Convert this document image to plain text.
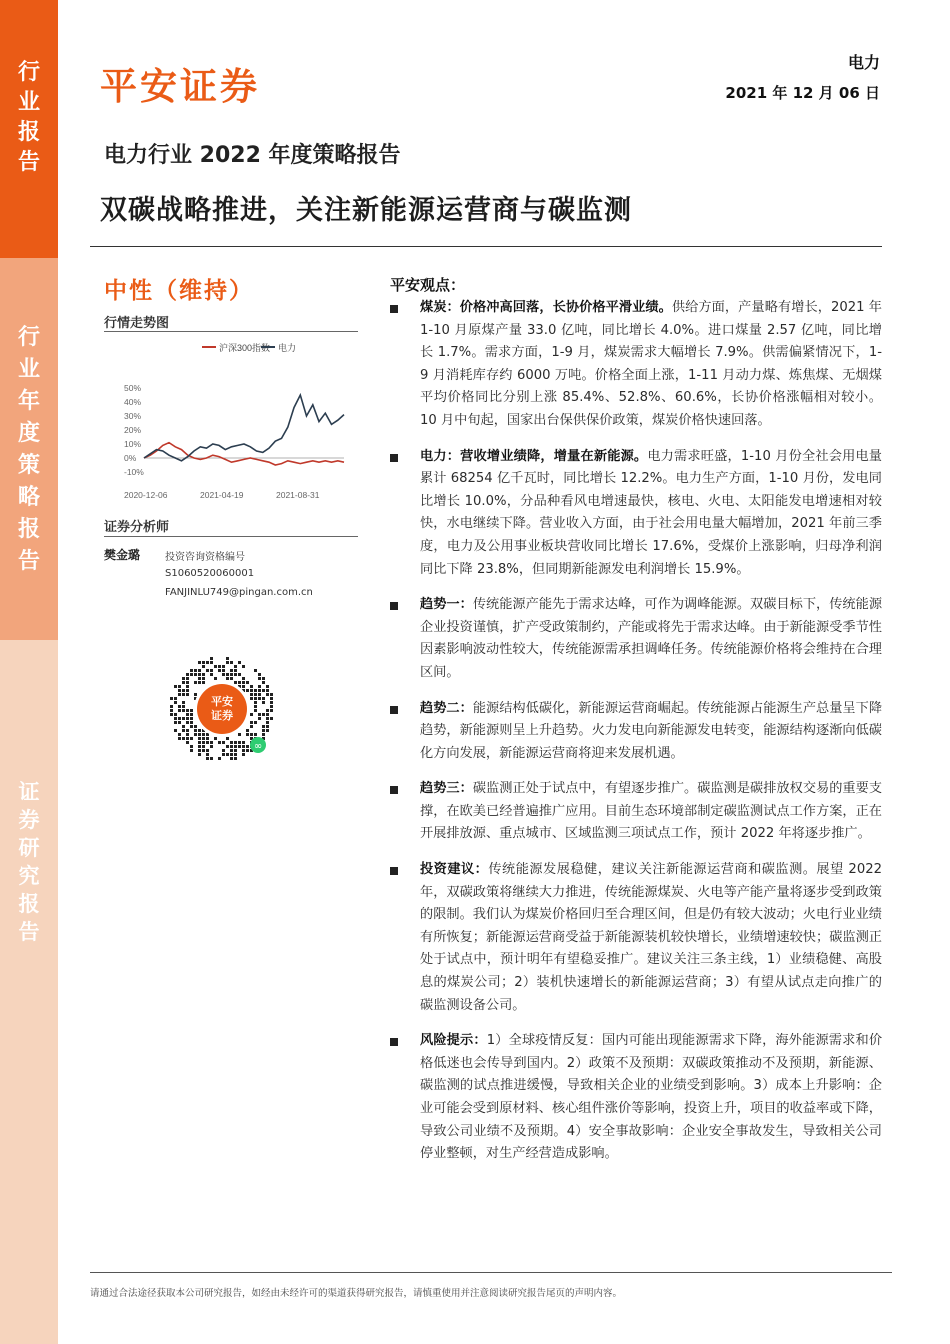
行
业
报
告
行
业
年
度
策
略
报
告
证
券
研
究
报
告
平安证券
电力
2021 年 12 月 06 日
电力行业 2022 年度策略报告
双碳战略推进，关注新能源运营商与碳监测
中性（维持）
行情走势图
沪深300指数 电力
50%
40%
30%
20%
10%
0%
-10%
2020-12-06	2021-04-19	2021-08-31
证券分析师
樊金璐 投资咨询资格编号
S1060520060001
FANJINLU749@pingan.com.cn
平安
证券
∞
平安观点：
煤炭：价格冲高回落，长协价格平滑业绩。供给方面，产量略有增长，2021 年 1-10 月原煤产量 33.0 亿吨，同比增长 4.0%。进口煤量 2.57 亿吨，同比增长 1.7%。需求方面，1-9 月，煤炭需求大幅增长 7.9%。供需偏紧情况下，1-9 月消耗库存约 6000 万吨。价格全面上涨，1-11 月动力煤、炼焦煤、无烟煤平均价格同比分别上涨 85.4%、52.8%、60.6%，长协价格涨幅相对较小。10 月中旬起，国家出台保供保价政策，煤炭价格快速回落。
电力：营收增业绩降，增量在新能源。电力需求旺盛，1-10 月份全社会用电量累计 68254 亿千瓦时，同比增长 12.2%。电力生产方面，1-10 月份，发电同比增长 10.0%，分品种看风电增速最快，核电、火电、太阳能发电增速相对较快，水电继续下降。营业收入方面，由于社会用电量大幅增加，2021 年前三季度，电力及公用事业板块营收同比增长 17.6%，受煤价上涨影响，归母净利润同比下降 23.8%，但同期新能源发电利润增长 15.9%。
趋势一：传统能源产能先于需求达峰，可作为调峰能源。双碳目标下，传统能源企业投资谨慎，扩产受政策制约，产能或将先于需求达峰。由于新能源受季节性因素影响波动性较大，传统能源需承担调峰任务。传统能源价格将会维持在合理区间。
趋势二：能源结构低碳化，新能源运营商崛起。传统能源占能源生产总量呈下降趋势，新能源则呈上升趋势。火力发电向新能源发电转变，能源结构逐渐向低碳化方向发展，新能源运营商将迎来发展机遇。
趋势三：碳监测正处于试点中，有望逐步推广。碳监测是碳排放权交易的重要支撑，在欧美已经普遍推广应用。目前生态环境部制定碳监测试点工作方案，正在开展排放源、重点城市、区域监测三项试点工作，预计 2022 年将逐步推广。
投资建议：传统能源发展稳健，建议关注新能源运营商和碳监测。展望 2022 年，双碳政策将继续大力推进，传统能源煤炭、火电等产能产量将逐步受到政策的限制。我们认为煤炭价格回归至合理区间，但是仍有较大波动；火电行业业绩有所恢复；新能源运营商受益于新能源装机较快增长，业绩增速较快；碳监测正处于试点中，预计明年有望稳妥推广。建议关注三条主线，1）业绩稳健、高股息的煤炭公司；2）装机快速增长的新能源运营商；3）有望从试点走向推广的碳监测设备公司。
风险提示：1）全球疫情反复：国内可能出现能源需求下降，海外能源需求和价格低迷也会传导到国内。2）政策不及预期：双碳政策推动不及预期，新能源、碳监测的试点推进缓慢，导致相关企业的业绩受到影响。3）成本上升影响：企业可能会受到原材料、核心组件涨价等影响，投资上升，项目的收益率或下降，导致公司业绩不及预期。4）安全事故影响：企业安全事故发生，导致相关公司停业整顿，对生产经营造成影响。
请通过合法途径获取本公司研究报告，如经由未经许可的渠道获得研究报告，请慎重使用并注意阅读研究报告尾页的声明内容。
